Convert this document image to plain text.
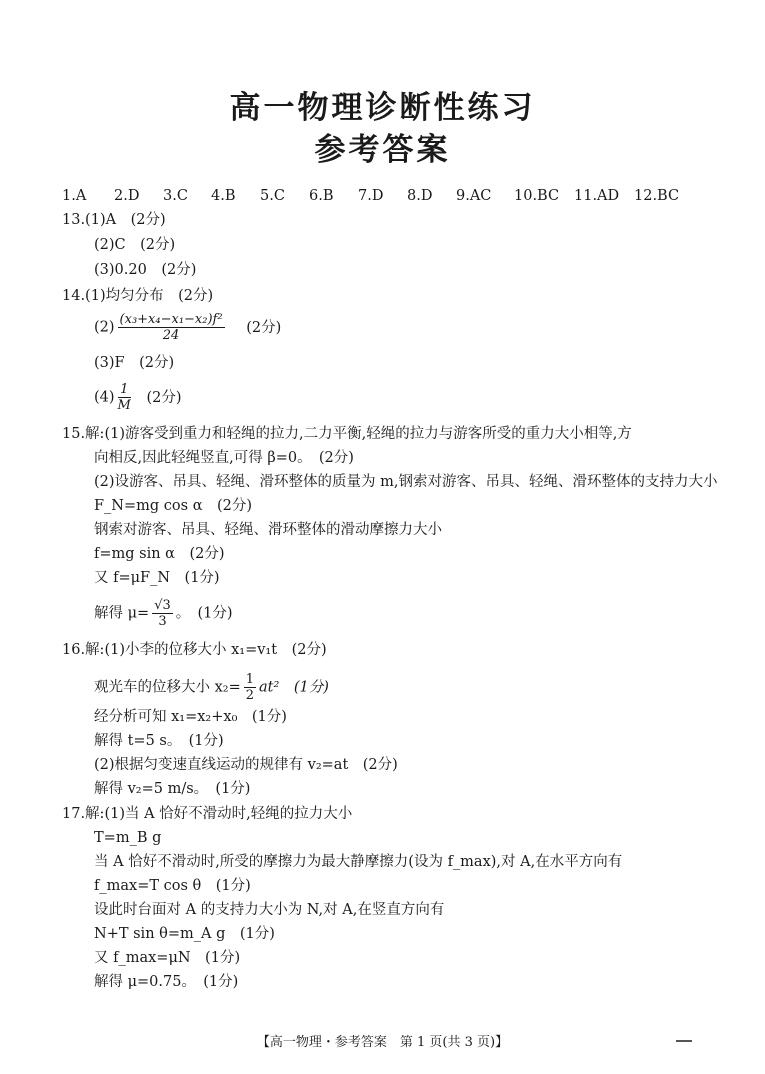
高一物理诊断性练习
参考答案
1.A 2.D 3.C 4.B 5.C 6.B 7.D 8.D 9.AC 10.BC 11.AD 12.BC
13.(1)A　(2分)
(2)C　(2分)
(3)0.20　(2分)
14.(1)均匀分布　(2分)
$(2) \frac{\text{(x₃+x₄−x₁−x₂)f²}}{24} (2$分)
(3)F　(2分)
$(4) \frac{1}{M} (2$分)
15.解:(1)游客受到重力和轻绳的拉力,二力平衡,轻绳的拉力与游客所受的重力大小相等,方
向相反,因此轻绳竖直,可得 β=0。　(2分)
(2)设游客、吊具、轻绳、滑环整体的质量为 m,钢索对游客、吊具、轻绳、滑环整体的支持力大小
F_N=mg cos α　(2分)
钢索对游客、吊具、轻绳、滑环整体的滑动摩擦力大小
f=mg sin α　(2分)
又 f=μF_N　(1分)
解得 $\mu= \frac{√3}{3}$ 。　(1分)
16.解:(1)小李的位移大小 x₁=v₁t　(2分)
观光车的位移大小 $x_2= \frac{1}{2} at^2$　(1分)
经分析可知 x₁=x₂+x₀　(1分)
解得 t=5 s。　(1分)
(2)根据匀变速直线运动的规律有 v₂=at　(2分)
解得 v₂=5 m/s。　(1分)
17.解:(1)当 A 恰好不滑动时,轻绳的拉力大小
T=m_B g
当 A 恰好不滑动时,所受的摩擦力为最大静摩擦力(设为 f_max),对 A,在水平方向有
f_max=T cos θ　(1分)
设此时台面对 A 的支持力大小为 N,对 A,在竖直方向有
N+T sin θ=m_A g　(1分)
又 f_max=μN　(1分)
解得 μ=0.75。　(1分)
【高一物理・参考答案　第 1 页(共 3 页)】
